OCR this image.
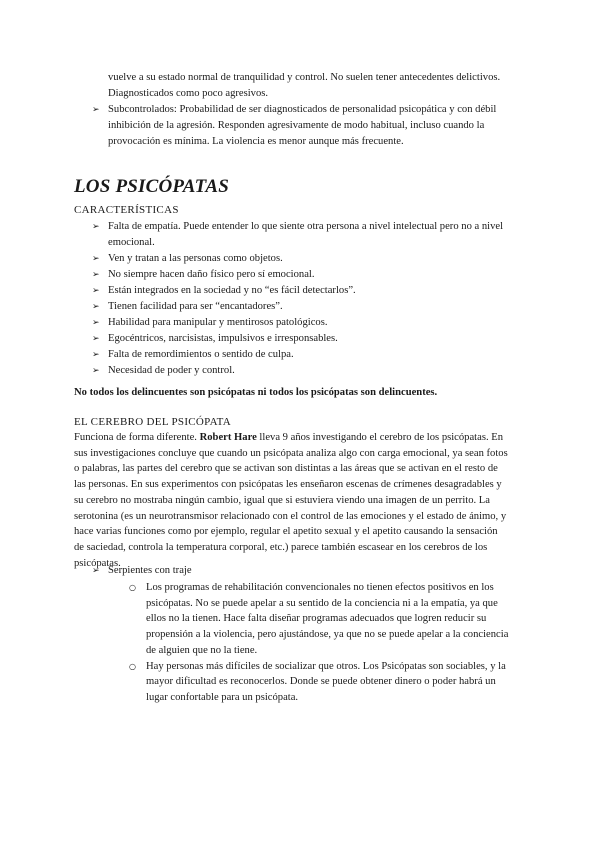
vuelve a su estado normal de tranquilidad y control. No suelen tener antecedentes delictivos.

Diagnosticados como poco agresivos.

➢ Subcontrolados: Probabilidad de ser diagnosticados de personalidad psicopática y con débil

inhibición de la agresión. Responden agresivamente de modo habitual, incluso cuando la

provocación es mínima. La violencia es menor aunque más frecuente.

LOS PSICÓPATAS

CARACTERÍSTICAS

➢ Falta de empatía. Puede entender lo que siente otra persona a nivel intelectual pero no a nivel

emocional.

➢ Ven y tratan a las personas como objetos.

➢ No siempre hacen daño físico pero sí emocional.

➢ Están integrados en la sociedad y no “es fácil detectarlos”.

➢ Tienen facilidad para ser “encantadores”.

➢ Habilidad para manipular y mentirosos patológicos.

➢ Egocéntricos, narcisistas, impulsivos e irresponsables.

➢ Falta de remordimientos o sentido de culpa.

➢ Necesidad de poder y control.

No todos los delincuentes son psicópatas ni todos los psicópatas son delincuentes.

EL CEREBRO DEL PSICÓPATA

Funciona de forma diferente. Robert Hare lleva 9 años investigando el cerebro de los psicópatas. En

sus investigaciones concluye que cuando un psicópata analiza algo con carga emocional, ya sean fotos

o palabras, las partes del cerebro que se activan son distintas a las áreas que se activan en el resto de

las personas. En sus experimentos con psicópatas les enseñaron escenas de crímenes desagradables y

su cerebro no mostraba ningún cambio, igual que si estuviera viendo una imagen de un perrito. La

serotonina (es un neurotransmisor relacionado con el control de las emociones y el estado de ánimo, y

hace varias funciones como por ejemplo, regular el apetito sexual y el apetito causando la sensación

de saciedad, controla la temperatura corporal, etc.) parece también escasear en los cerebros de los

psicópatas.

➢ Serpientes con traje

○ Los programas de rehabilitación convencionales no tienen efectos positivos en los

psicópatas. No se puede apelar a su sentido de la conciencia ni a la empatía, ya que

ellos no la tienen. Hace falta diseñar programas adecuados que logren reducir su

propensión a la violencia, pero ajustándose, ya que no se puede apelar a la conciencia

de alguien que no la tiene.

○ Hay personas más difíciles de socializar que otros. Los Psicópatas son sociables, y la

mayor dificultad es reconocerlos. Donde se puede obtener dinero o poder habrá un

lugar confortable para un psicópata.
